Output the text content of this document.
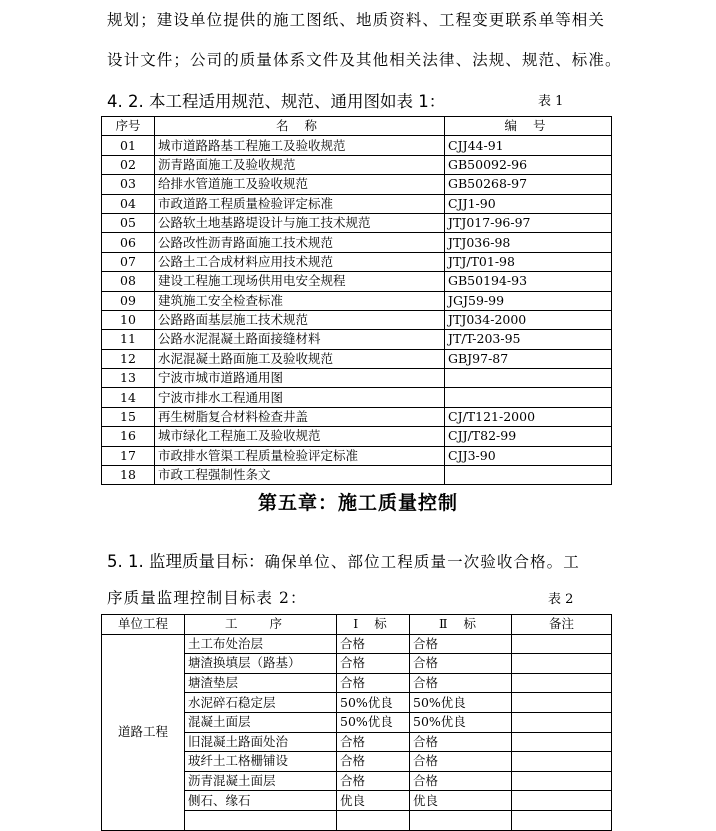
规划；建设单位提供的施工图纸、地质资料、工程变更联系单等相关
设计文件；公司的质量体系文件及其他相关法律、法规、规范、标准。
4. 2. 本工程适用规范、规范、通用图如表 1：	表 1
序号	名 称	编 号
01	城市道路路基工程施工及验收规范	CJJ44-91
02	沥青路面施工及验收规范	GB50092-96
03	给排水管道施工及验收规范	GB50268-97
04	市政道路工程质量检验评定标准	CJJ1-90
05	公路软土地基路堤设计与施工技术规范	JTJ017-96-97
06	公路改性沥青路面施工技术规范	JTJ036-98
07	公路土工合成材料应用技术规范	JTJ/T01-98
08	建设工程施工现场供用电安全规程	GB50194-93
09	建筑施工安全检查标准	JGJ59-99
10	公路路面基层施工技术规范	JTJ034-2000
11	公路水泥混凝土路面接缝材料	JT/T-203-95
12	水泥混凝土路面施工及验收规范	GBJ97-87
13	宁波市城市道路通用图	
14	宁波市排水工程通用图	
15	再生树脂复合材料检查井盖	CJ/T121-2000
16	城市绿化工程施工及验收规范	CJJ/T82-99
17	市政排水管渠工程质量检验评定标准	CJJ3-90
18	市政工程强制性条文	
第五章：施工质量控制
5. 1. 监理质量目标：确保单位、部位工程质量一次验收合格。工
序质量监理控制目标表 2：	表 2
单位工程	工 序	Ⅰ 标	Ⅱ 标	备注
道路工程	土工布处治层	合格	合格	
	塘渣换填层（路基）	合格	合格	
	塘渣垫层	合格	合格	
	水泥碎石稳定层	50%优良	50%优良	
	混凝土面层	50%优良	50%优良	
	旧混凝土路面处治	合格	合格	
	玻纤土工格栅铺设	合格	合格	
	沥青混凝土面层	合格	合格	
	侧石、缘石	优良	优良	
